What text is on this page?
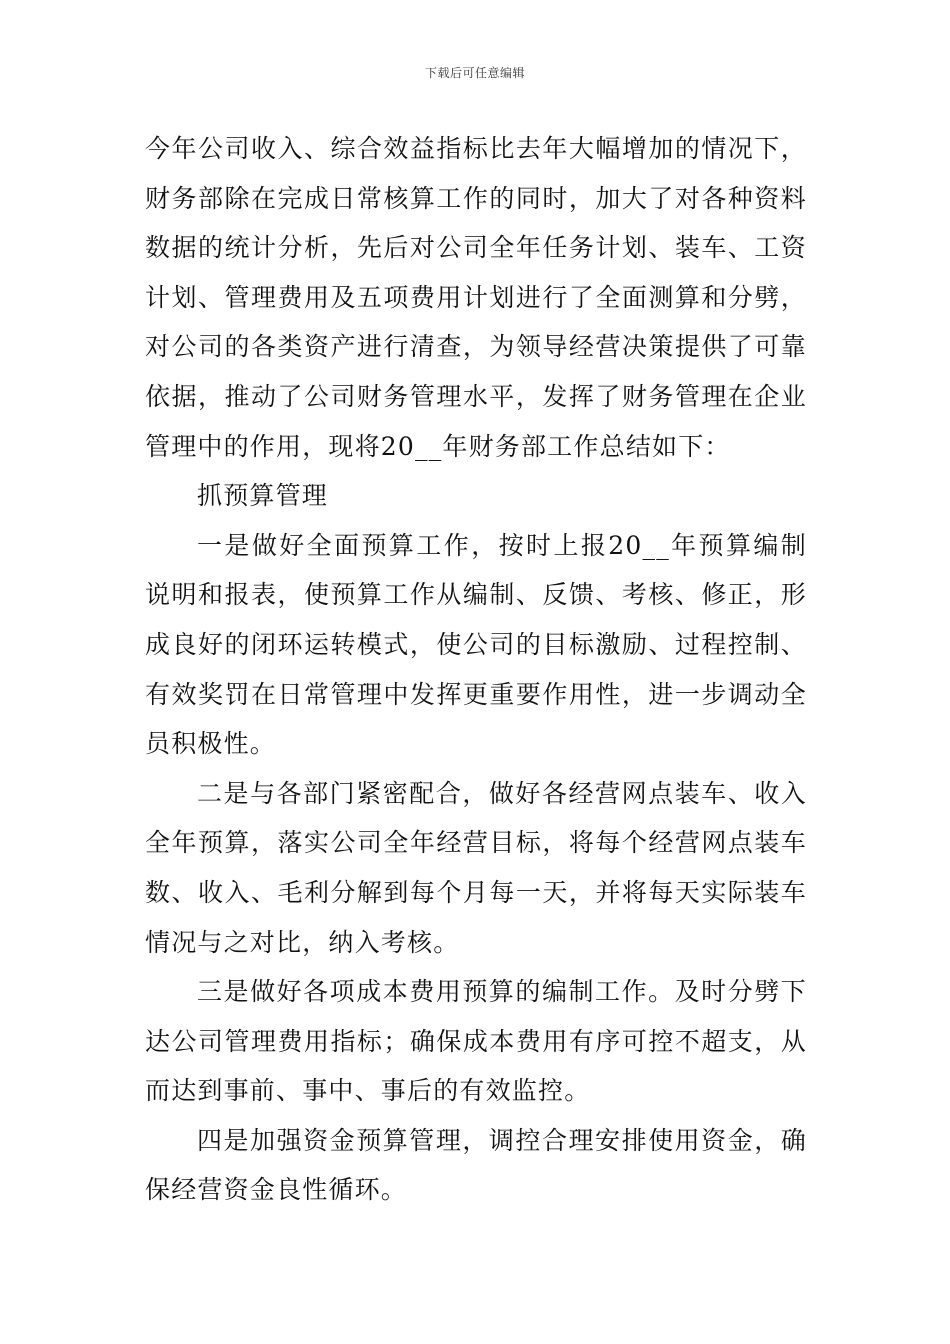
下载后可任意编辑

今年公司收入、综合效益指标比去年大幅增加的情况下，财务部除在完成日常核算工作的同时，加大了对各种资料数据的统计分析，先后对公司全年任务计划、装车、工资计划、管理费用及五项费用计划进行了全面测算和分劈，对公司的各类资产进行清查，为领导经营决策提供了可靠依据，推动了公司财务管理水平，发挥了财务管理在企业管理中的作用，现将20__年财务部工作总结如下：

抓预算管理

一是做好全面预算工作，按时上报20__年预算编制说明和报表，使预算工作从编制、反馈、考核、修正，形成良好的闭环运转模式，使公司的目标激励、过程控制、有效奖罚在日常管理中发挥更重要作用性，进一步调动全员积极性。

二是与各部门紧密配合，做好各经营网点装车、收入全年预算，落实公司全年经营目标，将每个经营网点装车数、收入、毛利分解到每个月每一天，并将每天实际装车情况与之对比，纳入考核。

三是做好各项成本费用预算的编制工作。及时分劈下达公司管理费用指标；确保成本费用有序可控不超支，从而达到事前、事中、事后的有效监控。

四是加强资金预算管理，调控合理安排使用资金，确保经营资金良性循环。
